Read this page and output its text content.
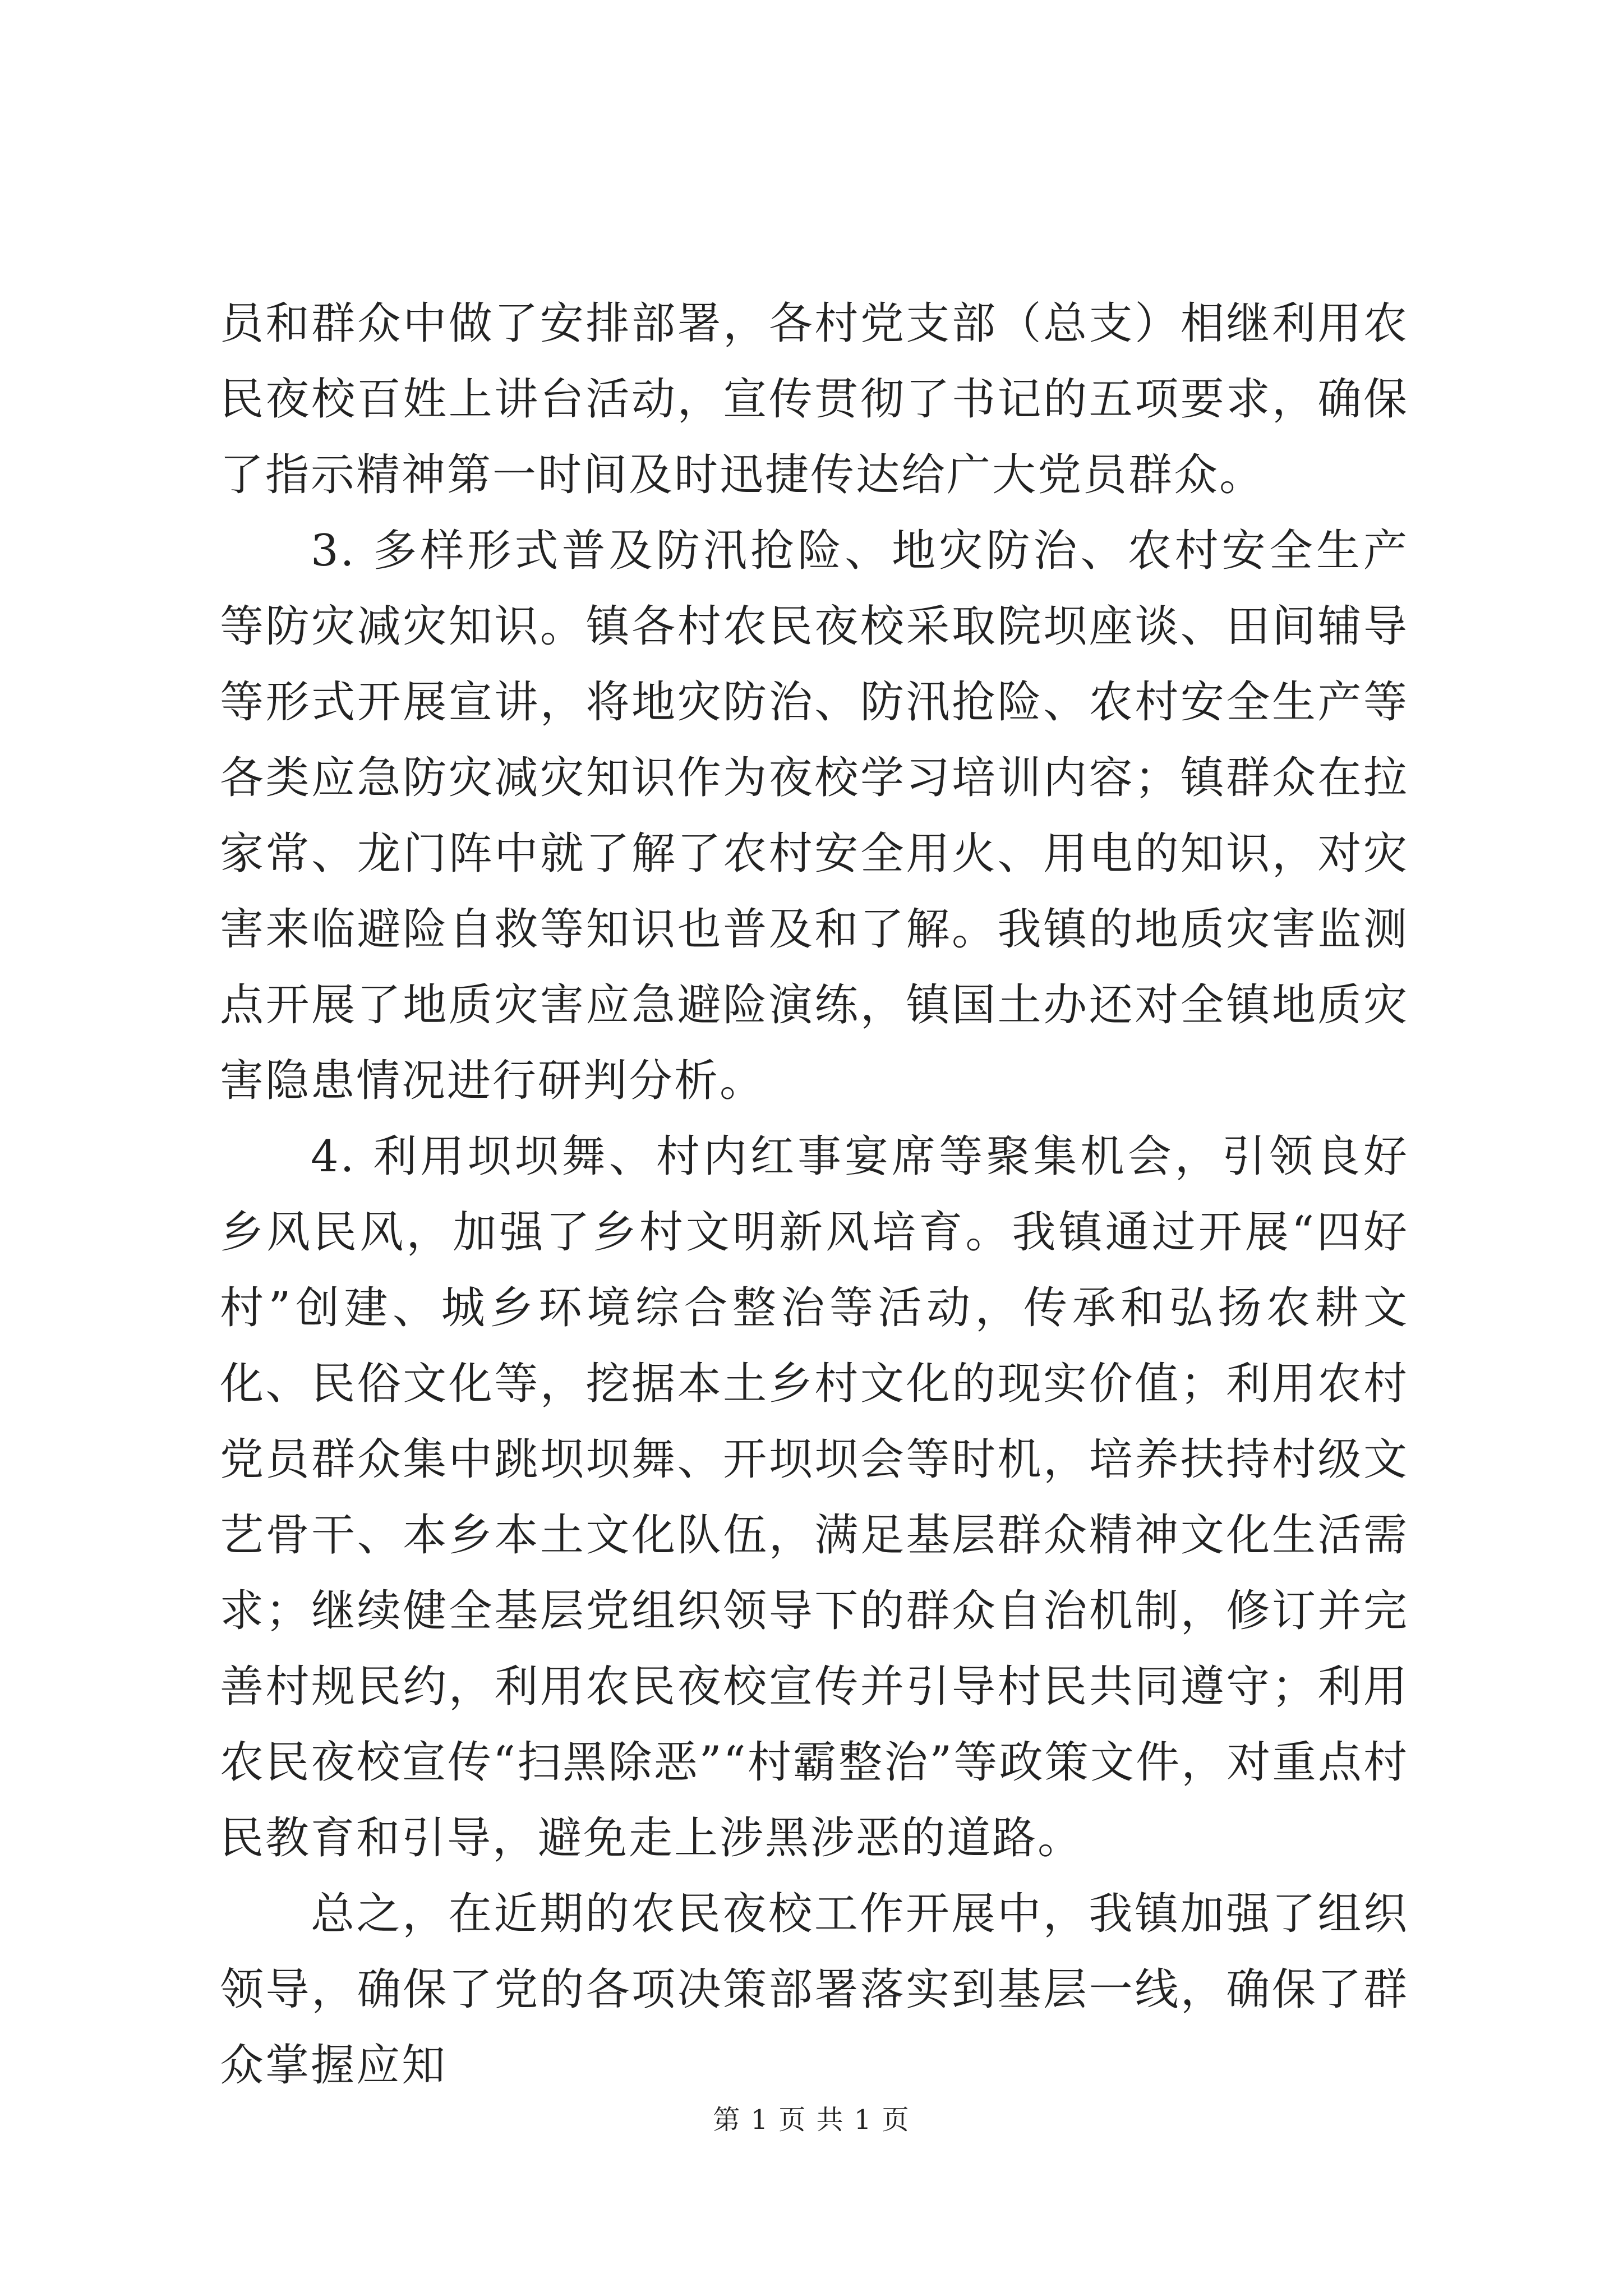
员和群众中做了安排部署，各村党支部（总支）相继利用农民夜校百姓上讲台活动，宣传贯彻了书记的五项要求，确保了指示精神第一时间及时迅捷传达给广大党员群众。

3. 多样形式普及防汛抢险、地灾防治、农村安全生产等防灾减灾知识。镇各村农民夜校采取院坝座谈、田间辅导等形式开展宣讲，将地灾防治、防汛抢险、农村安全生产等各类应急防灾减灾知识作为夜校学习培训内容；镇群众在拉家常、龙门阵中就了解了农村安全用火、用电的知识，对灾害来临避险自救等知识也普及和了解。我镇的地质灾害监测点开展了地质灾害应急避险演练，镇国土办还对全镇地质灾害隐患情况进行研判分析。

4. 利用坝坝舞、村内红事宴席等聚集机会，引领良好乡风民风，加强了乡村文明新风培育。我镇通过开展“四好村”创建、城乡环境综合整治等活动，传承和弘扬农耕文化、民俗文化等，挖据本土乡村文化的现实价值；利用农村党员群众集中跳坝坝舞、开坝坝会等时机，培养扶持村级文艺骨干、本乡本土文化队伍，满足基层群众精神文化生活需求；继续健全基层党组织领导下的群众自治机制，修订并完善村规民约，利用农民夜校宣传并引导村民共同遵守；利用农民夜校宣传“扫黑除恶”“村霸整治”等政策文件，对重点村民教育和引导，避免走上涉黑涉恶的道路。

总之，在近期的农民夜校工作开展中，我镇加强了组织领导，确保了党的各项决策部署落实到基层一线，确保了群众掌握应知

第 1 页 共 1 页
